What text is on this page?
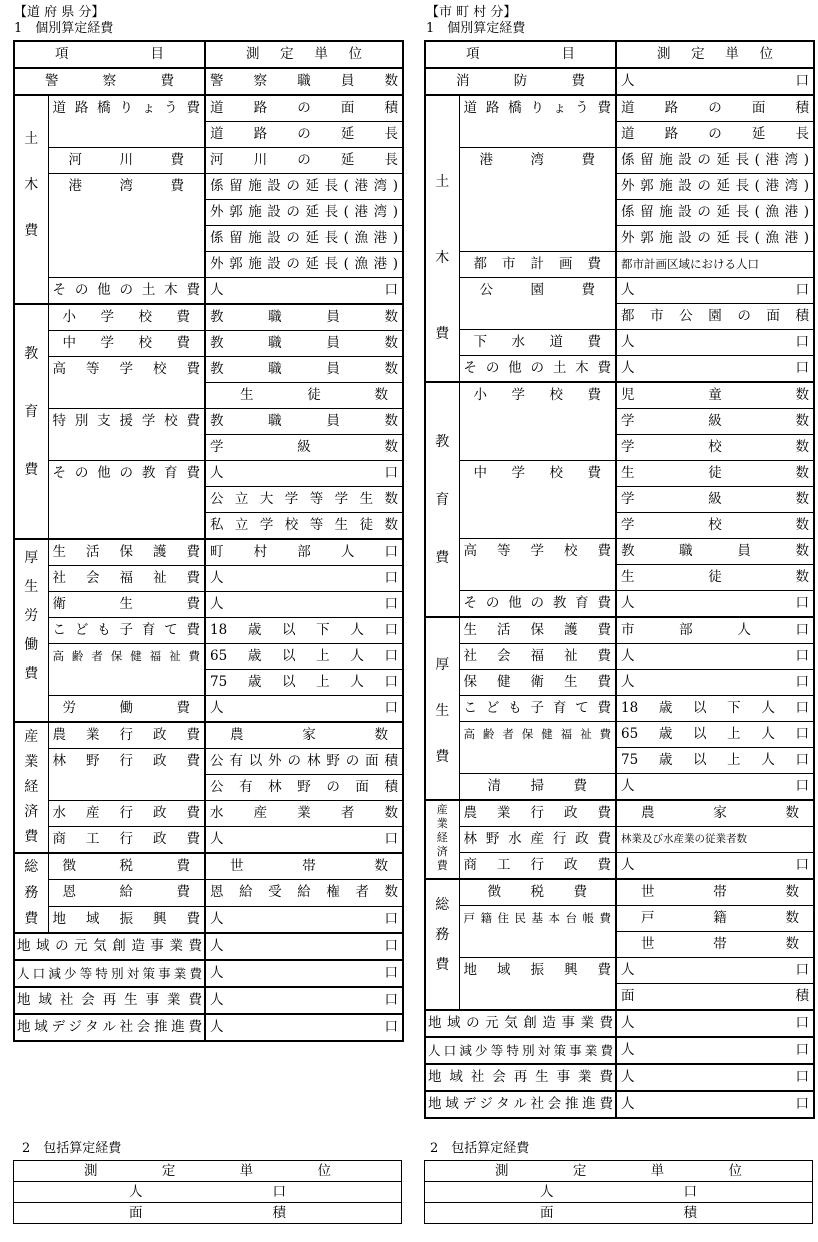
【道 府 県 分】
1　個別算定経費
【市 町 村 分】
1　個別算定経費
項　目		測 定 単 位
警察費		警察職員数

土木費	道路橋りょう費	道路の面積
		道路の延長
	河川費	河川の延長
	港湾費	係留施設の延長(港湾)
		外郭施設の延長(港湾)
		係留施設の延長(漁港)
		外郭施設の延長(漁港)
	その他の土木費	人口

教育費	小学校費	教職員数
	中学校費	教職員数
	高等学校費	教職員数
		生徒数
	特別支援学校費	教職員数
		学級数
	その他の教育費	人口
		公立大学等学生数
		私立学校等生徒数

厚生労働費	生活保護費	町村部人口
	社会福祉費	人口
	衛生費	人口
	こども子育て費	18歳以下人口
	高齢者保健福祉費	65歳以上人口
		75歳以上人口
	労働費	人口

産業経済費	農業行政費	農家数
	林野行政費	公有以外の林野の面積
		公有林野の面積
	水産行政費	水産業者数
	商工行政費	人口

総務費	徴税費	世帯数
	恩給費	恩給受給権者数
	地域振興費	人口
地域の元気創造事業費		人口
人口減少等特別対策事業費		人口
地域社会再生事業費		人口
地域デジタル社会推進費		人口
項　目		測 定 単 位
消防費		人口

土木費	道路橋りょう費	道路の面積
		道路の延長
	港湾費	係留施設の延長(港湾)
		外郭施設の延長(港湾)
		係留施設の延長(漁港)
		外郭施設の延長(漁港)
	都市計画費	都市計画区域における人口
	公園費	人口
		都市公園の面積
	下水道費	人口
	その他の土木費	人口

教育費	小学校費	児童数
		学級数
		学校数
	中学校費	生徒数
		学級数
		学校数
	高等学校費	教職員数
		生徒数
	その他の教育費	人口

厚生費	生活保護費	市部人口
	社会福祉費	人口
	保健衛生費	人口
	こども子育て費	18歳以下人口
	高齢者保健福祉費	65歳以上人口
		75歳以上人口
	清掃費	人口

産業経済費	農業行政費	農家数
	林野水産行政費	林業及び水産業の従業者数
	商工行政費	人口

総務費	徴税費	世帯数
	戸籍住民基本台帳費	戸籍数
		世帯数
	地域振興費	人口
		面積
地域の元気創造事業費		人口
人口減少等特別対策事業費		人口
地域社会再生事業費		人口
地域デジタル社会推進費		人口
2　包括算定経費
測定単位
人口
面積
2　包括算定経費
測定単位
人口
面積
